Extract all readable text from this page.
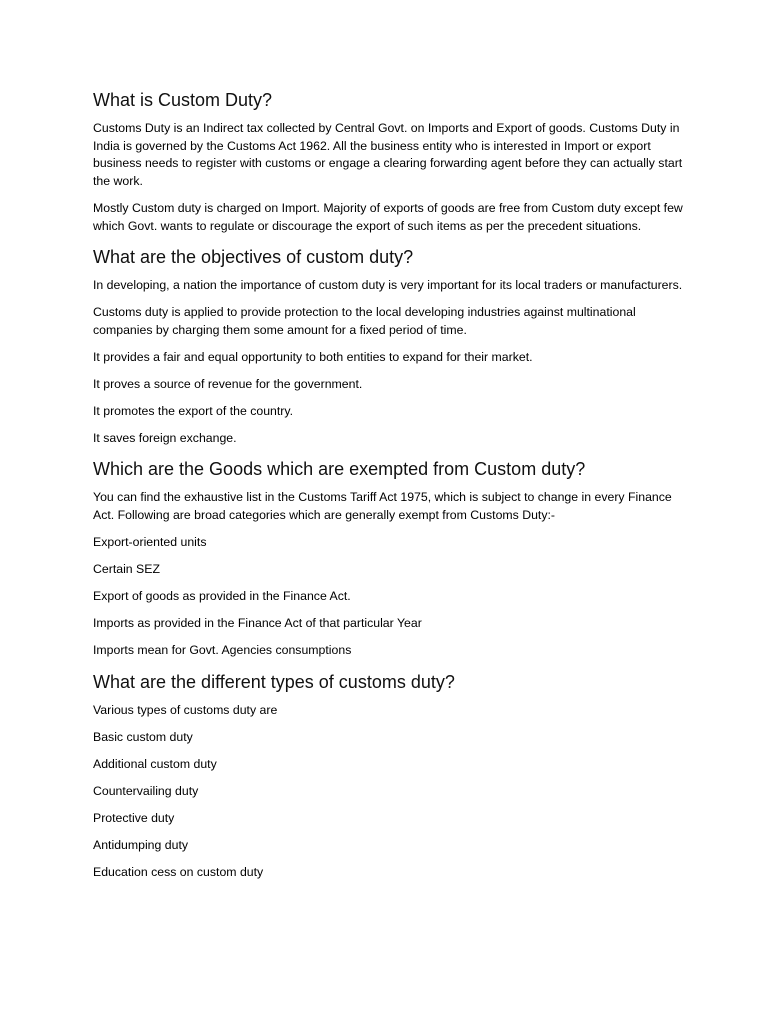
What is Custom Duty?

Customs Duty is an Indirect tax collected by Central Govt. on Imports and Export of goods. Customs Duty in India is governed by the Customs Act 1962. All the business entity who is interested in Import or export business needs to register with customs or engage a clearing forwarding agent before they can actually start the work.

Mostly Custom duty is charged on Import. Majority of exports of goods are free from Custom duty except few which Govt. wants to regulate or discourage the export of such items as per the precedent situations.

What are the objectives of custom duty?

In developing, a nation the importance of custom duty is very important for its local traders or manufacturers.

Customs duty is applied to provide protection to the local developing industries against multinational companies by charging them some amount for a fixed period of time.

It provides a fair and equal opportunity to both entities to expand for their market.

It proves a source of revenue for the government.

It promotes the export of the country.

It saves foreign exchange.

Which are the Goods which are exempted from Custom duty?

You can find the exhaustive list in the Customs Tariff Act 1975, which is subject to change in every Finance Act. Following are broad categories which are generally exempt from Customs Duty:-

Export-oriented units

Certain SEZ

Export of goods as provided in the Finance Act.

Imports as provided in the Finance Act of that particular Year

Imports mean for Govt. Agencies consumptions

What are the different types of customs duty?

Various types of customs duty are

Basic custom duty

Additional custom duty

Countervailing duty

Protective duty

Antidumping duty

Education cess on custom duty
